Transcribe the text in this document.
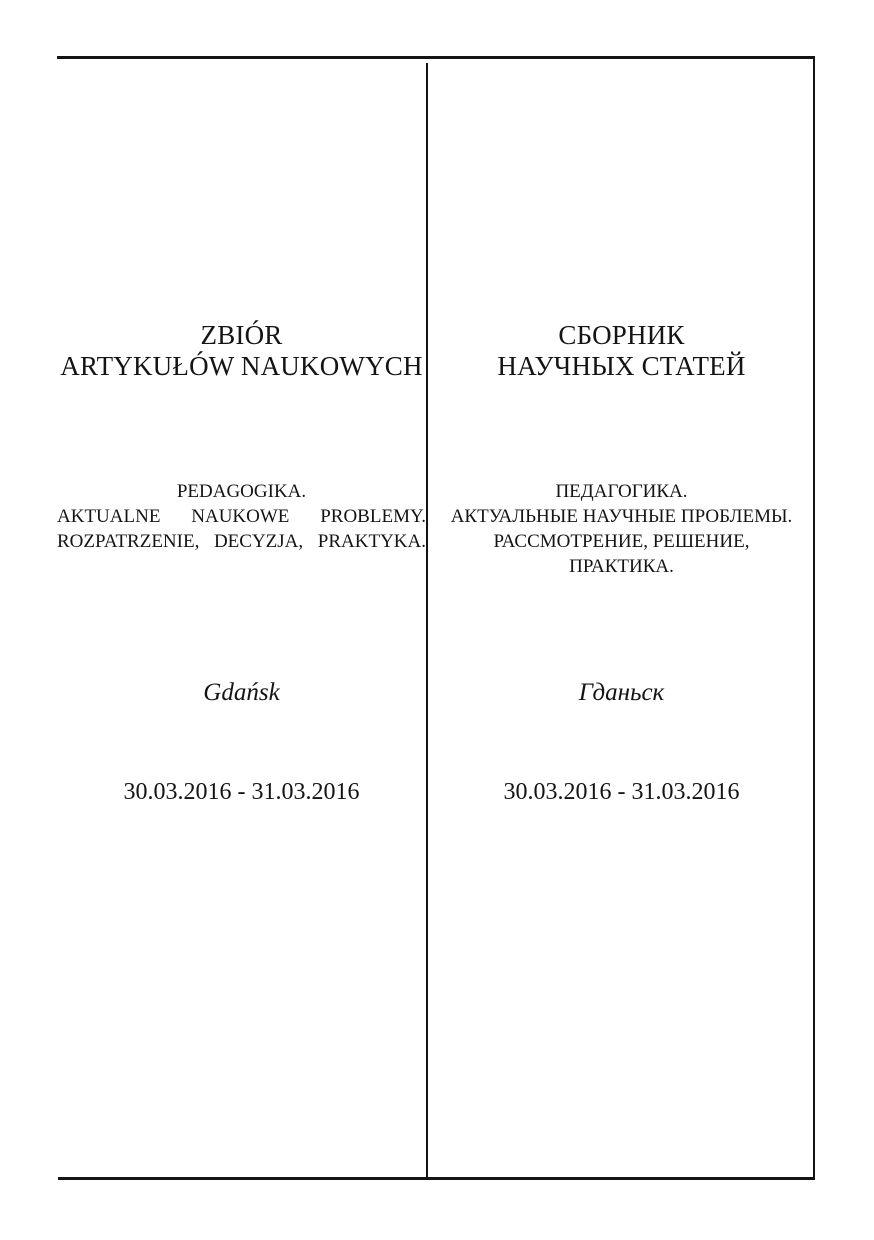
ZBIÓR
ARTYKUŁÓW NAUKOWYCH
PEDAGOGIKA.
AKTUALNE NAUKOWE PROBLEMY.
ROZPATRZENIE, DECYZJA, PRAKTYKA.
Gdańsk
30.03.2016 - 31.03.2016
СБОРНИК
НАУЧНЫХ СТАТЕЙ
ПЕДАГОГИКА.
АКТУАЛЬНЫЕ НАУЧНЫЕ ПРОБЛЕМЫ.
РАССМОТРЕНИЕ, РЕШЕНИЕ,
ПРАКТИКА.
Гданьск
30.03.2016 - 31.03.2016
